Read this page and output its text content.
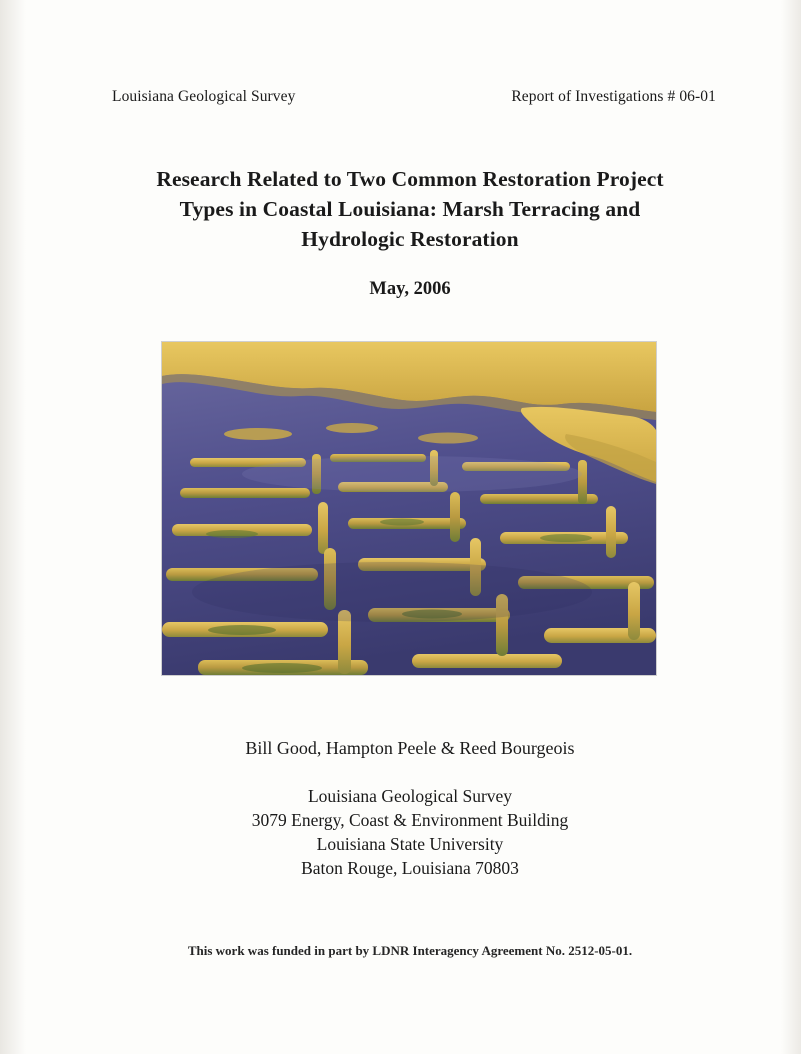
Louisiana Geological Survey	Report of Investigations # 06-01
Research Related to Two Common Restoration Project
Types in Coastal Louisiana: Marsh Terracing and
Hydrologic Restoration
May, 2006
Bill Good, Hampton Peele & Reed Bourgeois
Louisiana Geological Survey
3079 Energy, Coast & Environment Building
Louisiana State University
Baton Rouge, Louisiana 70803
This work was funded in part by LDNR Interagency Agreement No. 2512-05-01.
